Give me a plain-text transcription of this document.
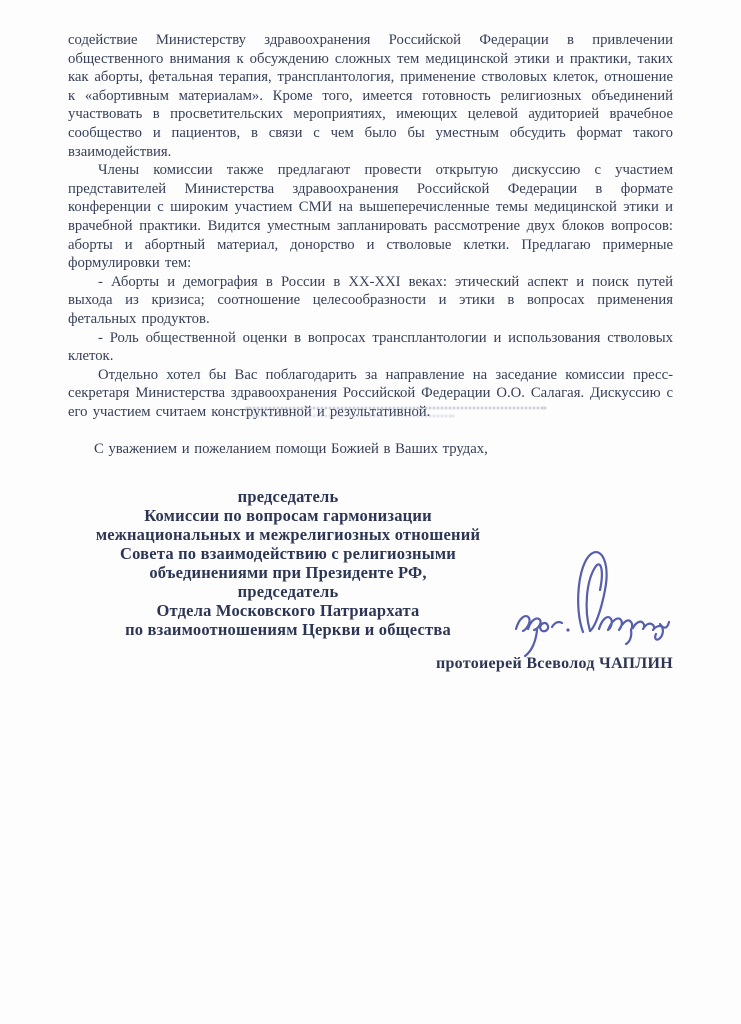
содействие Министерству здравоохранения Российской Федерации в привлечении общественного внимания к обсуждению сложных тем медицинской этики и практики, таких как аборты, фетальная терапия, трансплантология, применение стволовых клеток, отношение к «абортивным материалам». Кроме того, имеется готовность религиозных объединений участвовать в просветительских мероприятиях, имеющих целевой аудиторией врачебное сообщество и пациентов, в связи с чем было бы уместным обсудить формат такого взаимодействия.

Члены комиссии также предлагают провести открытую дискуссию с участием представителей Министерства здравоохранения Российской Федерации в формате конференции с широким участием СМИ на вышеперечисленные темы медицинской этики и врачебной практики. Видится уместным запланировать рассмотрение двух блоков вопросов: аборты и абортный материал, донорство и стволовые клетки. Предлагаю примерные формулировки тем:

- Аборты и демография в России в XX-XXI веках: этический аспект и поиск путей выхода из кризиса; соотношение целесообразности и этики в вопросах применения фетальных продуктов.

- Роль общественной оценки в вопросах трансплантологии и использования стволовых клеток.

Отдельно хотел бы Вас поблагодарить за направление на заседание комиссии пресс-секретаря Министерства здравоохранения Российской Федерации О.О. Салагая. Дискуссию с его участием считаем конструктивной и результативной.

С уважением и пожеланием помощи Божией в Ваших трудах,

председатель
Комиссии по вопросам гармонизации
межнациональных и межрелигиозных отношений
Совета по взаимодействию с религиозными
объединениями при Президенте РФ,
председатель
Отдела Московского Патриархата
по взаимоотношениям Церкви и общества

протоиерей Всеволод ЧАПЛИН
